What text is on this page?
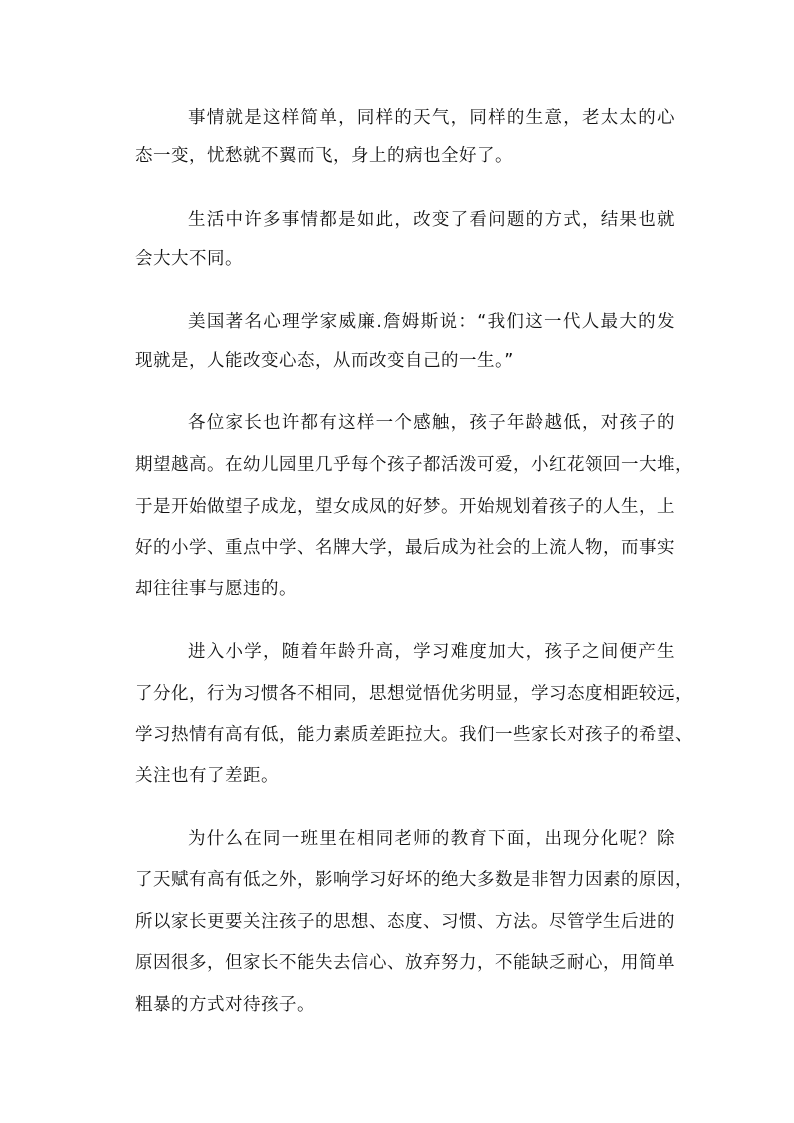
事情就是这样简单，同样的天气，同样的生意，老太太的心
态一变，忧愁就不翼而飞，身上的病也全好了。
生活中许多事情都是如此，改变了看问题的方式，结果也就
会大大不同。
美国著名心理学家威廉.詹姆斯说：“我们这一代人最大的发
现就是，人能改变心态，从而改变自己的一生。”
各位家长也许都有这样一个感触，孩子年龄越低，对孩子的
期望越高。在幼儿园里几乎每个孩子都活泼可爱，小红花领回一大堆，
于是开始做望子成龙，望女成凤的好梦。开始规划着孩子的人生，上
好的小学、重点中学、名牌大学，最后成为社会的上流人物，而事实
却往往事与愿违的。
进入小学，随着年龄升高，学习难度加大，孩子之间便产生
了分化，行为习惯各不相同，思想觉悟优劣明显，学习态度相距较远，
学习热情有高有低，能力素质差距拉大。我们一些家长对孩子的希望、
关注也有了差距。
为什么在同一班里在相同老师的教育下面，出现分化呢？除
了天赋有高有低之外，影响学习好坏的绝大多数是非智力因素的原因，
所以家长更要关注孩子的思想、态度、习惯、方法。尽管学生后进的
原因很多，但家长不能失去信心、放弃努力，不能缺乏耐心，用简单
粗暴的方式对待孩子。
